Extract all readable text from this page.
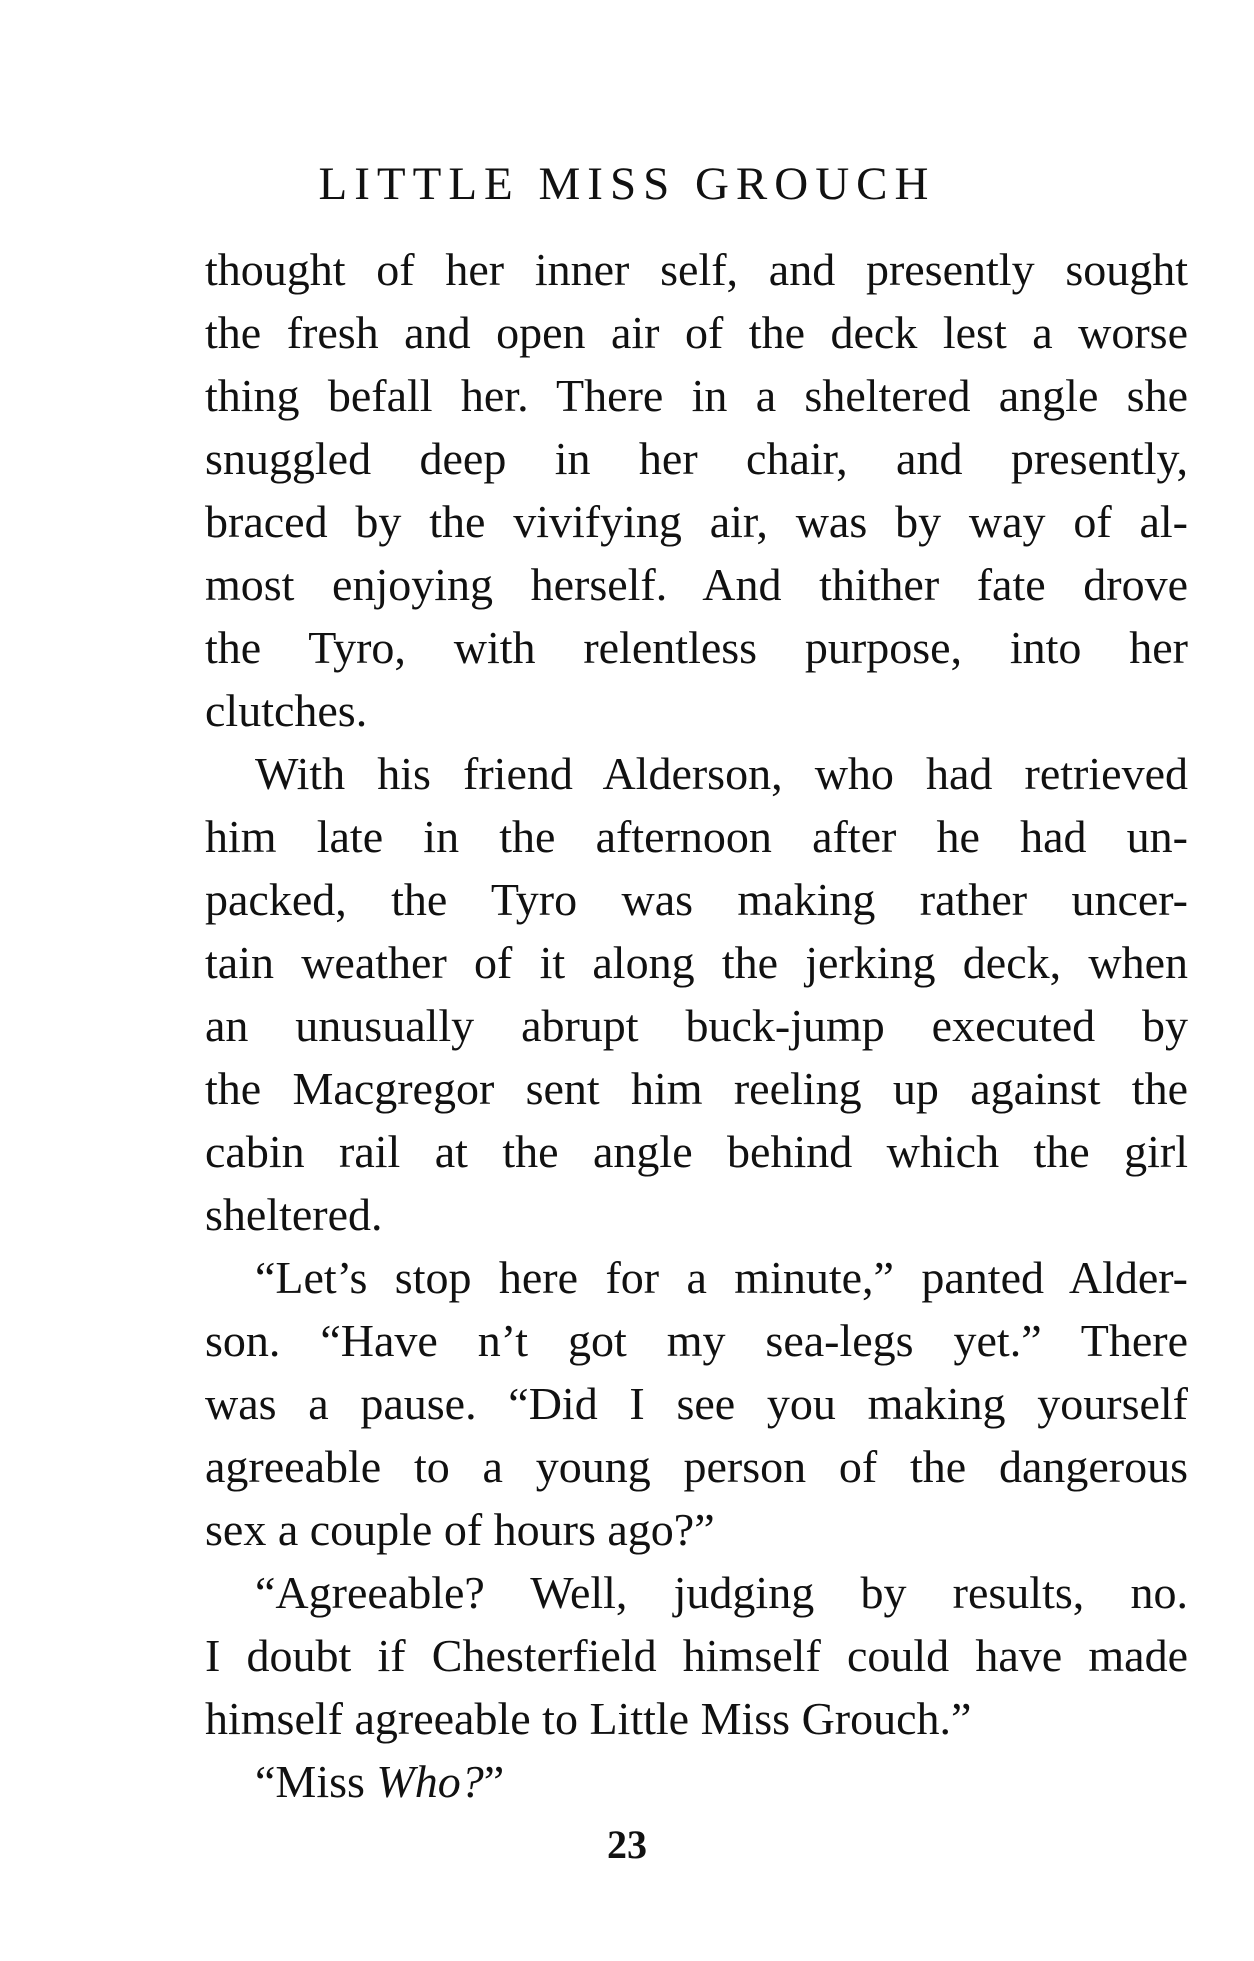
LITTLE MISS GROUCH

thought of her inner self, and presently sought
the fresh and open air of the deck lest a worse
thing befall her. There in a sheltered angle she
snuggled deep in her chair, and presently,
braced by the vivifying air, was by way of al-
most enjoying herself. And thither fate drove
the Tyro, with relentless purpose, into her
clutches.

With his friend Alderson, who had retrieved
him late in the afternoon after he had un-
packed, the Tyro was making rather uncer-
tain weather of it along the jerking deck, when
an unusually abrupt buck-jump executed by
the Macgregor sent him reeling up against the
cabin rail at the angle behind which the girl
sheltered.

“Let’s stop here for a minute,” panted Alder-
son. “Have n’t got my sea-legs yet.” There
was a pause. “Did I see you making yourself
agreeable to a young person of the dangerous
sex a couple of hours ago?”

“Agreeable? Well, judging by results, no.
I doubt if Chesterfield himself could have made
himself agreeable to Little Miss Grouch.”

“Miss Who?”

23
